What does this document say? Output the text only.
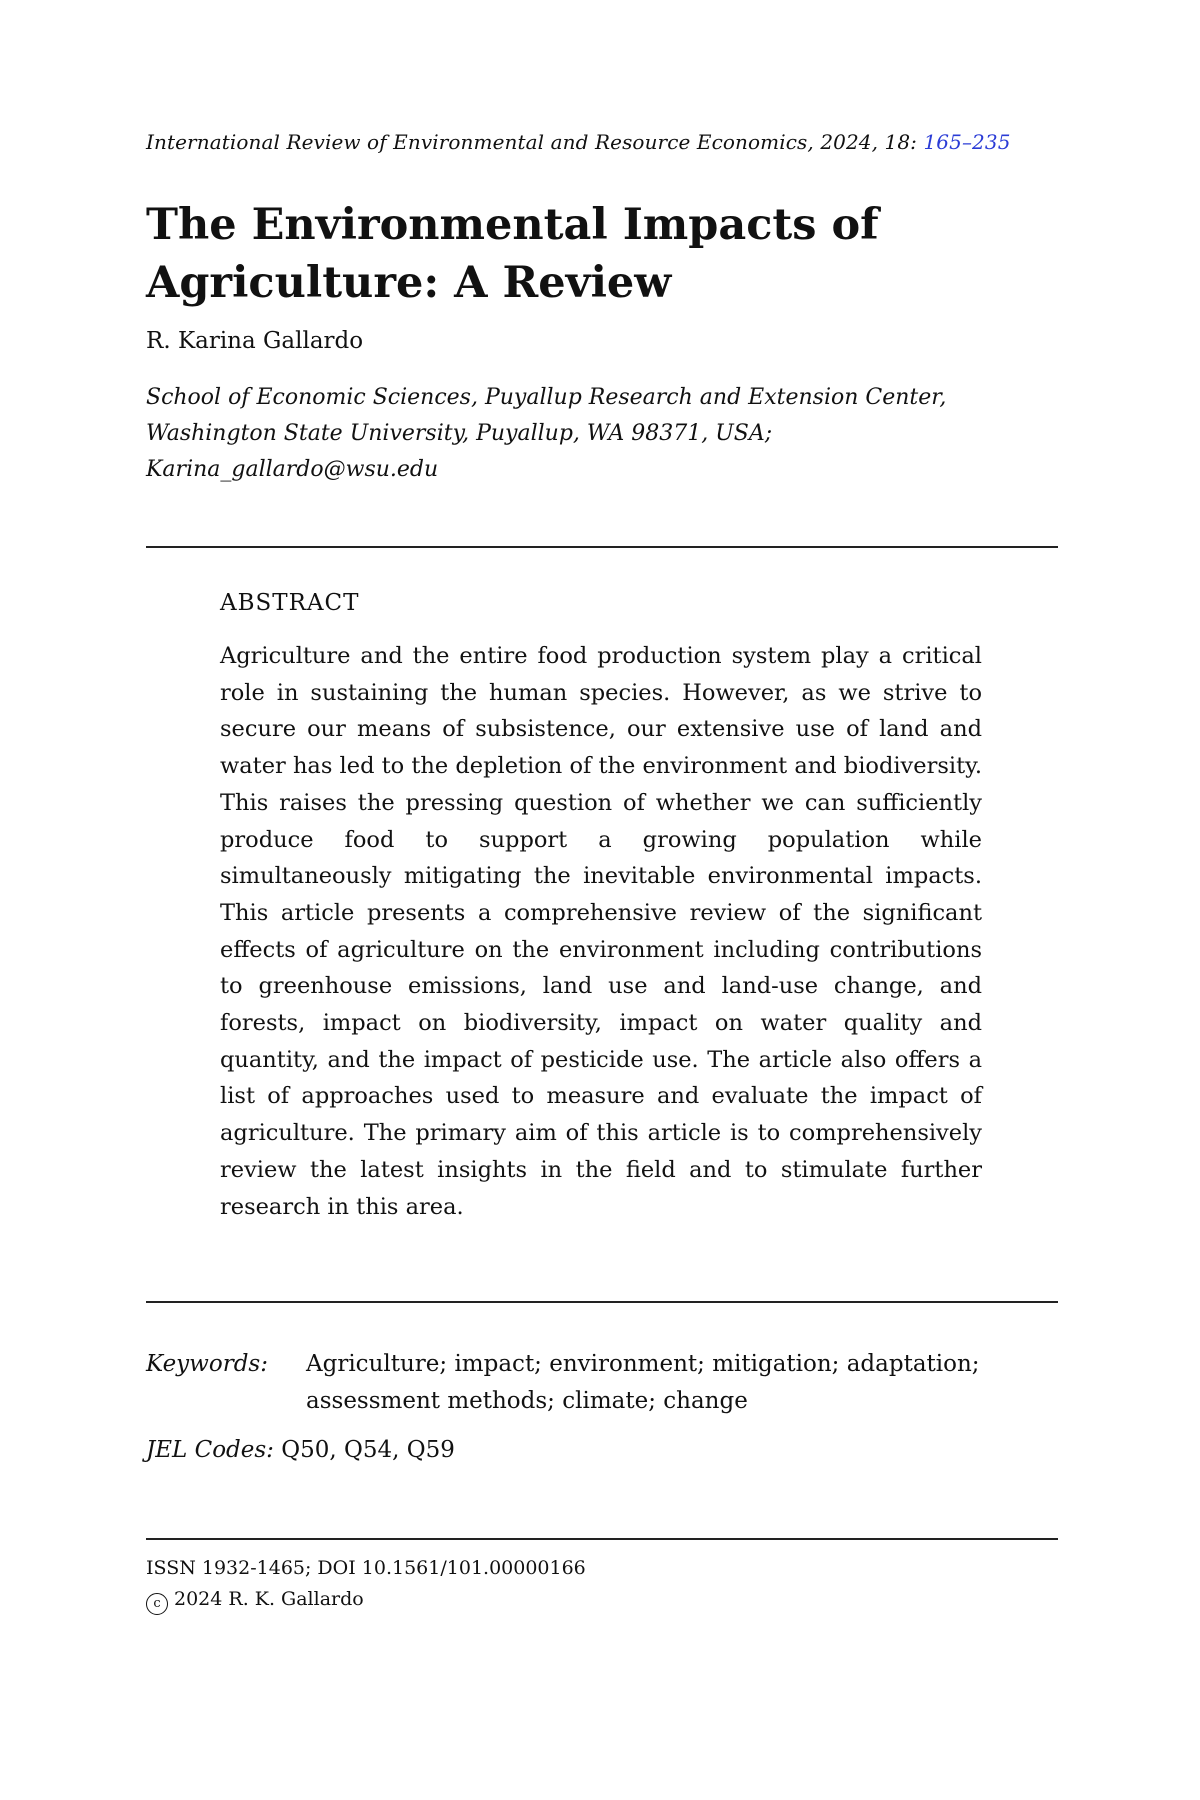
International Review of Environmental and Resource Economics, 2024, 18: 165–235
The Environmental Impacts of Agriculture: A Review
R. Karina Gallardo
School of Economic Sciences, Puyallup Research and Extension Center,
Washington State University, Puyallup, WA 98371, USA;
Karina_gallardo@wsu.edu
ABSTRACT

Agriculture and the entire food production system play a critical role in sustaining the human species. However, as we strive to secure our means of subsistence, our extensive use of land and water has led to the depletion of the environment and biodiversity. This raises the pressing question of whether we can sufficiently produce food to support a growing population while simultaneously mitigating the inevitable environmental impacts. This article presents a comprehensive review of the significant effects of agriculture on the environment including contributions to greenhouse emissions, land use and land-use change, and forests, impact on biodiversity, impact on water quality and quantity, and the impact of pesticide use. The article also offers a list of approaches used to measure and evaluate the impact of agriculture. The primary aim of this article is to comprehensively review the latest insights in the field and to stimulate further research in this area.

Keywords: Agriculture; impact; environment; mitigation; adaptation; assessment methods; climate; change
JEL Codes: Q50, Q54, Q59
ISSN 1932-1465; DOI 10.1561/101.00000166
c 2024 R. K. Gallardo
